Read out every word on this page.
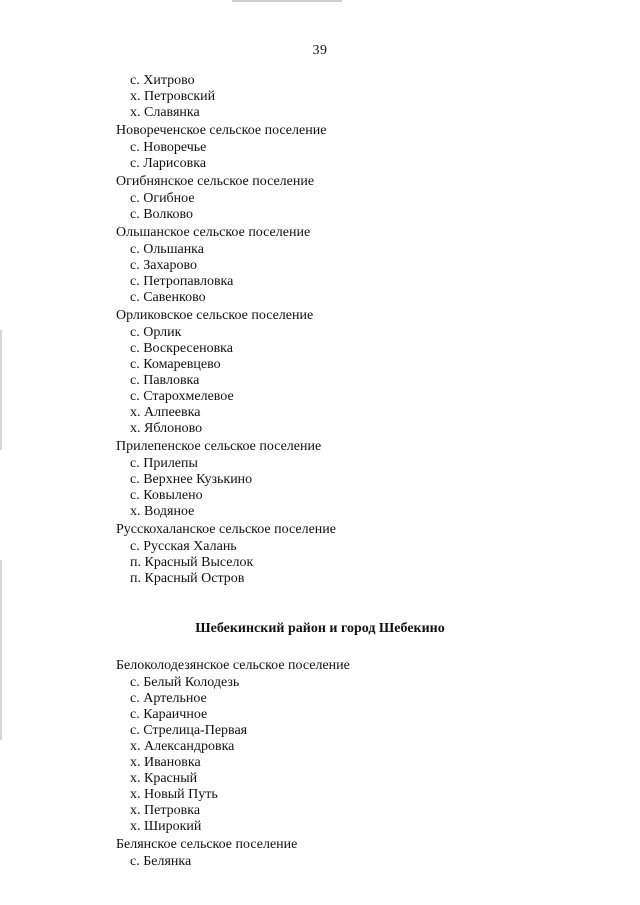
39
с. Хитрово
х. Петровский
х. Славянка
Новореченское сельское поселение
с. Новоречье
с. Ларисовка
Огибнянское сельское поселение
с. Огибное
с. Волково
Ольшанское сельское поселение
с. Ольшанка
с. Захарово
с. Петропавловка
с. Савенково
Орликовское сельское поселение
с. Орлик
с. Воскресеновка
с. Комаревцево
с. Павловка
с. Старохмелевое
х. Алпеевка
х. Яблоново
Прилепенское сельское поселение
с. Прилепы
с. Верхнее Кузькино
с. Ковылено
х. Водяное
Русскохаланское сельское поселение
с. Русская Халань
п. Красный Выселок
п. Красный Остров
Шебекинский район и город Шебекино
Белоколодезянское сельское поселение
с. Белый Колодезь
с. Артельное
с. Караичное
с. Стрелица-Первая
х. Александровка
х. Ивановка
х. Красный
х. Новый Путь
х. Петровка
х. Широкий
Белянское сельское поселение
с. Белянка
